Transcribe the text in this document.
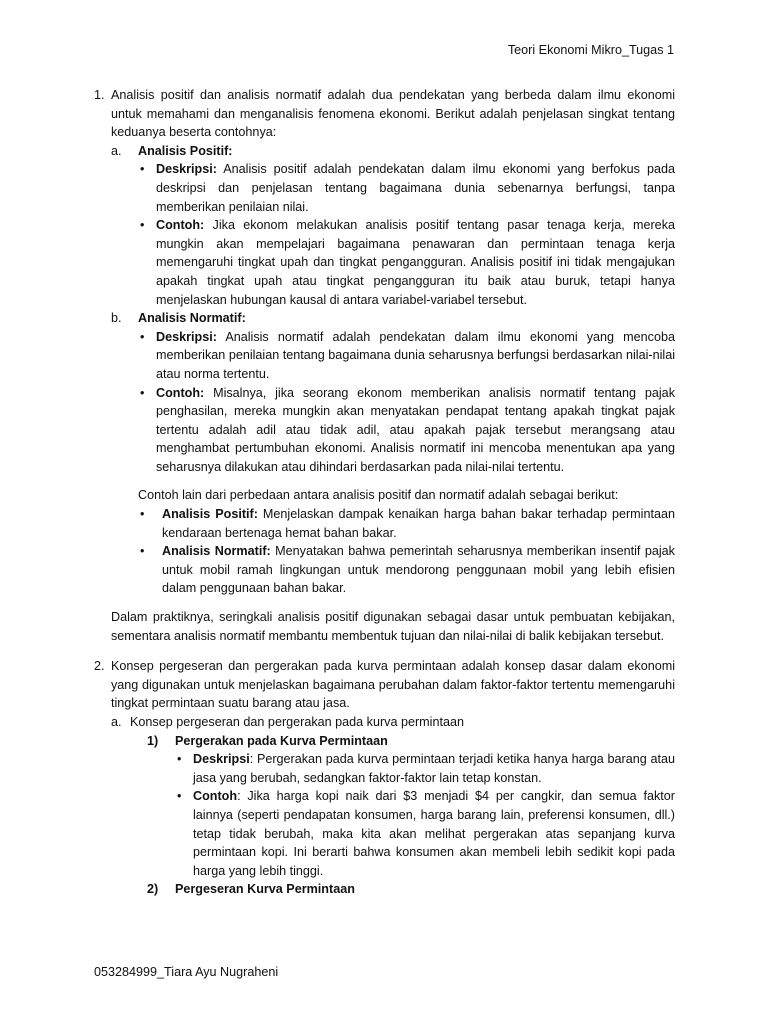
Teori Ekonomi Mikro_Tugas 1
1. Analisis positif dan analisis normatif adalah dua pendekatan yang berbeda dalam ilmu ekonomi untuk memahami dan menganalisis fenomena ekonomi. Berikut adalah penjelasan singkat tentang keduanya beserta contohnya:
a. Analisis Positif:
• Deskripsi: Analisis positif adalah pendekatan dalam ilmu ekonomi yang berfokus pada deskripsi dan penjelasan tentang bagaimana dunia sebenarnya berfungsi, tanpa memberikan penilaian nilai.
• Contoh: Jika ekonom melakukan analisis positif tentang pasar tenaga kerja, mereka mungkin akan mempelajari bagaimana penawaran dan permintaan tenaga kerja memengaruhi tingkat upah dan tingkat pengangguran. Analisis positif ini tidak mengajukan apakah tingkat upah atau tingkat pengangguran itu baik atau buruk, tetapi hanya menjelaskan hubungan kausal di antara variabel-variabel tersebut.
b. Analisis Normatif:
• Deskripsi: Analisis normatif adalah pendekatan dalam ilmu ekonomi yang mencoba memberikan penilaian tentang bagaimana dunia seharusnya berfungsi berdasarkan nilai-nilai atau norma tertentu.
• Contoh: Misalnya, jika seorang ekonom memberikan analisis normatif tentang pajak penghasilan, mereka mungkin akan menyatakan pendapat tentang apakah tingkat pajak tertentu adalah adil atau tidak adil, atau apakah pajak tersebut merangsang atau menghambat pertumbuhan ekonomi. Analisis normatif ini mencoba menentukan apa yang seharusnya dilakukan atau dihindari berdasarkan pada nilai-nilai tertentu.
Contoh lain dari perbedaan antara analisis positif dan normatif adalah sebagai berikut:
• Analisis Positif: Menjelaskan dampak kenaikan harga bahan bakar terhadap permintaan kendaraan bertenaga hemat bahan bakar.
• Analisis Normatif: Menyatakan bahwa pemerintah seharusnya memberikan insentif pajak untuk mobil ramah lingkungan untuk mendorong penggunaan mobil yang lebih efisien dalam penggunaan bahan bakar.
Dalam praktiknya, seringkali analisis positif digunakan sebagai dasar untuk pembuatan kebijakan, sementara analisis normatif membantu membentuk tujuan dan nilai-nilai di balik kebijakan tersebut.
2. Konsep pergeseran dan pergerakan pada kurva permintaan adalah konsep dasar dalam ekonomi yang digunakan untuk menjelaskan bagaimana perubahan dalam faktor-faktor tertentu memengaruhi tingkat permintaan suatu barang atau jasa.
a. Konsep pergeseran dan pergerakan pada kurva permintaan
1) Pergerakan pada Kurva Permintaan
• Deskripsi: Pergerakan pada kurva permintaan terjadi ketika hanya harga barang atau jasa yang berubah, sedangkan faktor-faktor lain tetap konstan.
• Contoh: Jika harga kopi naik dari $3 menjadi $4 per cangkir, dan semua faktor lainnya (seperti pendapatan konsumen, harga barang lain, preferensi konsumen, dll.) tetap tidak berubah, maka kita akan melihat pergerakan atas sepanjang kurva permintaan kopi. Ini berarti bahwa konsumen akan membeli lebih sedikit kopi pada harga yang lebih tinggi.
2) Pergeseran Kurva Permintaan
053284999_Tiara Ayu Nugraheni
